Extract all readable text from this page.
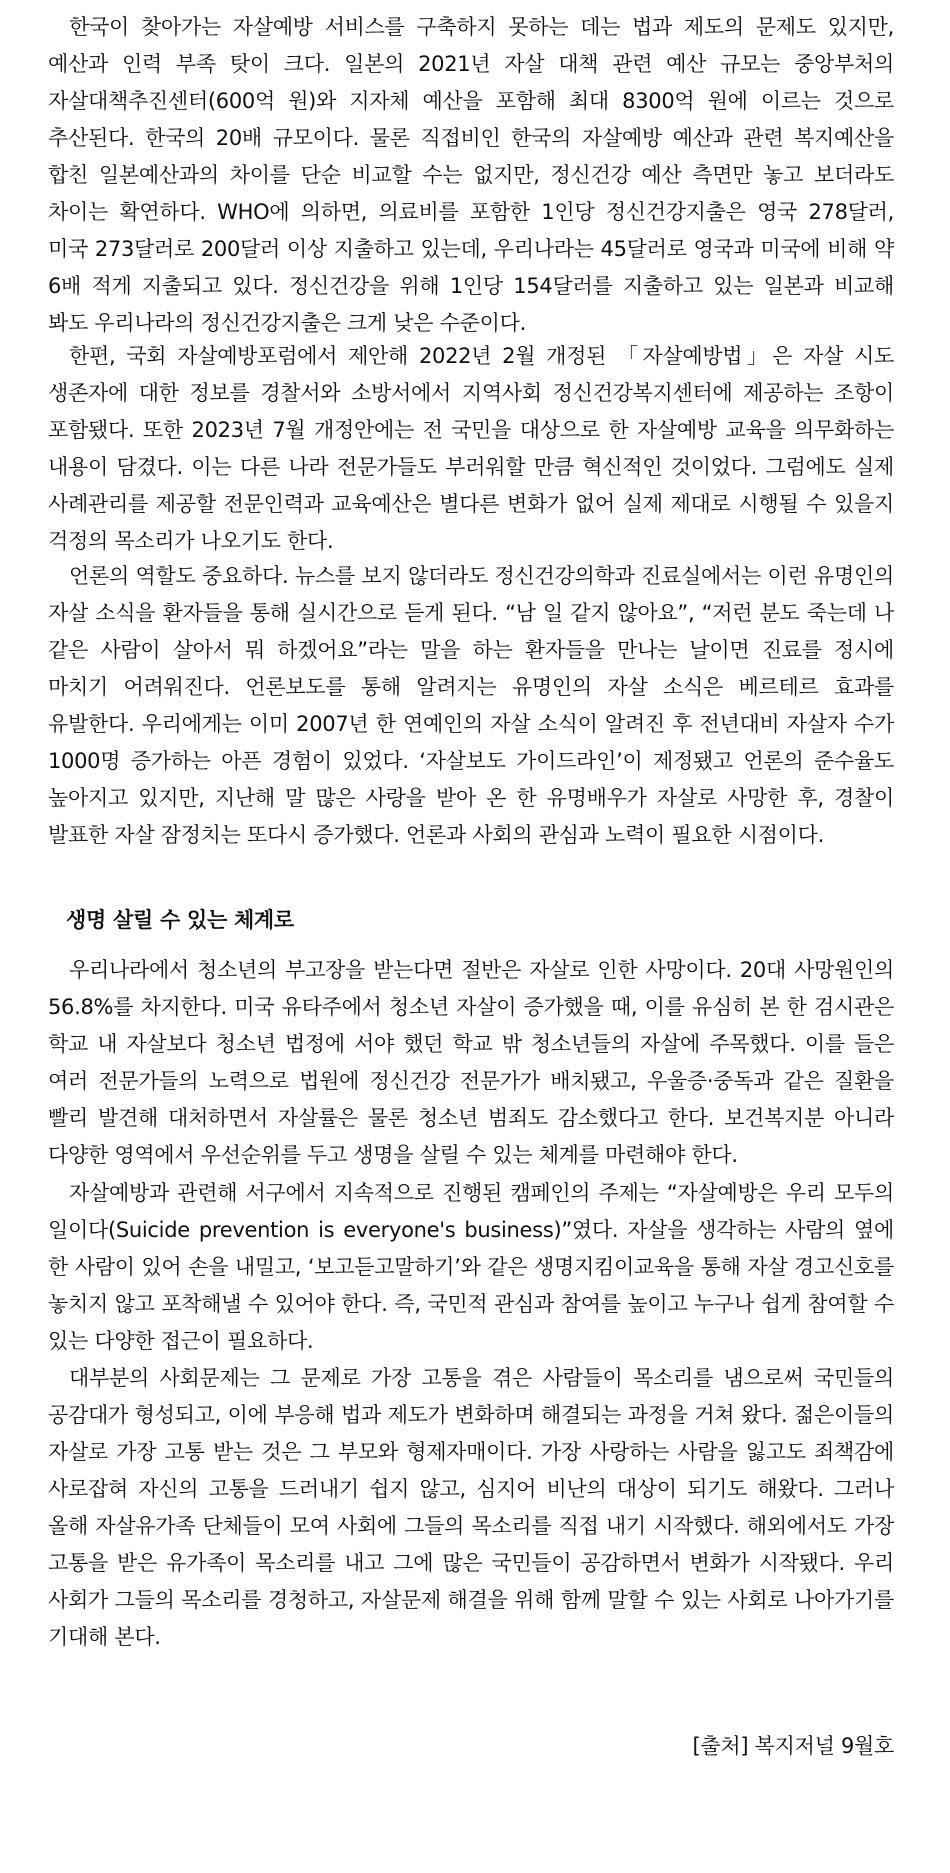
한국이 찾아가는 자살예방 서비스를 구축하지 못하는 데는 법과 제도의 문제도 있지만, 예산과 인력 부족 탓이 크다. 일본의 2021년 자살 대책 관련 예산 규모는 중앙부처의 자살대책추진센터(600억 원)와 지자체 예산을 포함해 최대 8300억 원에 이르는 것으로 추산된다. 한국의 20배 규모이다. 물론 직접비인 한국의 자살예방 예산과 관련 복지예산을 합친 일본예산과의 차이를 단순 비교할 수는 없지만, 정신건강 예산 측면만 놓고 보더라도 차이는 확연하다. WHO에 의하면, 의료비를 포함한 1인당 정신건강지출은 영국 278달러, 미국 273달러로 200달러 이상 지출하고 있는데, 우리나라는 45달러로 영국과 미국에 비해 약 6배 적게 지출되고 있다. 정신건강을 위해 1인당 154달러를 지출하고 있는 일본과 비교해 봐도 우리나라의 정신건강지출은 크게 낮은 수준이다.

한편, 국회 자살예방포럼에서 제안해 2022년 2월 개정된 「자살예방법」은 자살 시도 생존자에 대한 정보를 경찰서와 소방서에서 지역사회 정신건강복지센터에 제공하는 조항이 포함됐다. 또한 2023년 7월 개정안에는 전 국민을 대상으로 한 자살예방 교육을 의무화하는 내용이 담겼다. 이는 다른 나라 전문가들도 부러워할 만큼 혁신적인 것이었다. 그럼에도 실제 사례관리를 제공할 전문인력과 교육예산은 별다른 변화가 없어 실제 제대로 시행될 수 있을지 걱정의 목소리가 나오기도 한다.

언론의 역할도 중요하다. 뉴스를 보지 않더라도 정신건강의학과 진료실에서는 이런 유명인의 자살 소식을 환자들을 통해 실시간으로 듣게 된다. “남 일 같지 않아요”, “저런 분도 죽는데 나 같은 사람이 살아서 뭐 하겠어요”라는 말을 하는 환자들을 만나는 날이면 진료를 정시에 마치기 어려워진다. 언론보도를 통해 알려지는 유명인의 자살 소식은 베르테르 효과를 유발한다. 우리에게는 이미 2007년 한 연예인의 자살 소식이 알려진 후 전년대비 자살자 수가 1000명 증가하는 아픈 경험이 있었다. ‘자살보도 가이드라인’이 제정됐고 언론의 준수율도 높아지고 있지만, 지난해 말 많은 사랑을 받아 온 한 유명배우가 자살로 사망한 후, 경찰이 발표한 자살 잠정치는 또다시 증가했다. 언론과 사회의 관심과 노력이 필요한 시점이다.

생명 살릴 수 있는 체계로

우리나라에서 청소년의 부고장을 받는다면 절반은 자살로 인한 사망이다. 20대 사망원인의 56.8%를 차지한다. 미국 유타주에서 청소년 자살이 증가했을 때, 이를 유심히 본 한 검시관은 학교 내 자살보다 청소년 법정에 서야 했던 학교 밖 청소년들의 자살에 주목했다. 이를 들은 여러 전문가들의 노력으로 법원에 정신건강 전문가가 배치됐고, 우울증·중독과 같은 질환을 빨리 발견해 대처하면서 자살률은 물론 청소년 범죄도 감소했다고 한다. 보건복지분 아니라 다양한 영역에서 우선순위를 두고 생명을 살릴 수 있는 체계를 마련해야 한다.

자살예방과 관련해 서구에서 지속적으로 진행된 캠페인의 주제는 “자살예방은 우리 모두의 일이다(Suicide prevention is everyone's business)”였다. 자살을 생각하는 사람의 옆에 한 사람이 있어 손을 내밀고, ‘보고듣고말하기’와 같은 생명지킴이교육을 통해 자살 경고신호를 놓치지 않고 포착해낼 수 있어야 한다. 즉, 국민적 관심과 참여를 높이고 누구나 쉽게 참여할 수 있는 다양한 접근이 필요하다.

대부분의 사회문제는 그 문제로 가장 고통을 겪은 사람들이 목소리를 냄으로써 국민들의 공감대가 형성되고, 이에 부응해 법과 제도가 변화하며 해결되는 과정을 거쳐 왔다. 젊은이들의 자살로 가장 고통 받는 것은 그 부모와 형제자매이다. 가장 사랑하는 사람을 잃고도 죄책감에 사로잡혀 자신의 고통을 드러내기 쉽지 않고, 심지어 비난의 대상이 되기도 해왔다. 그러나 올해 자살유가족 단체들이 모여 사회에 그들의 목소리를 직접 내기 시작했다. 해외에서도 가장 고통을 받은 유가족이 목소리를 내고 그에 많은 국민들이 공감하면서 변화가 시작됐다. 우리 사회가 그들의 목소리를 경청하고, 자살문제 해결을 위해 함께 말할 수 있는 사회로 나아가기를 기대해 본다.

[출처] 복지저널 9월호
